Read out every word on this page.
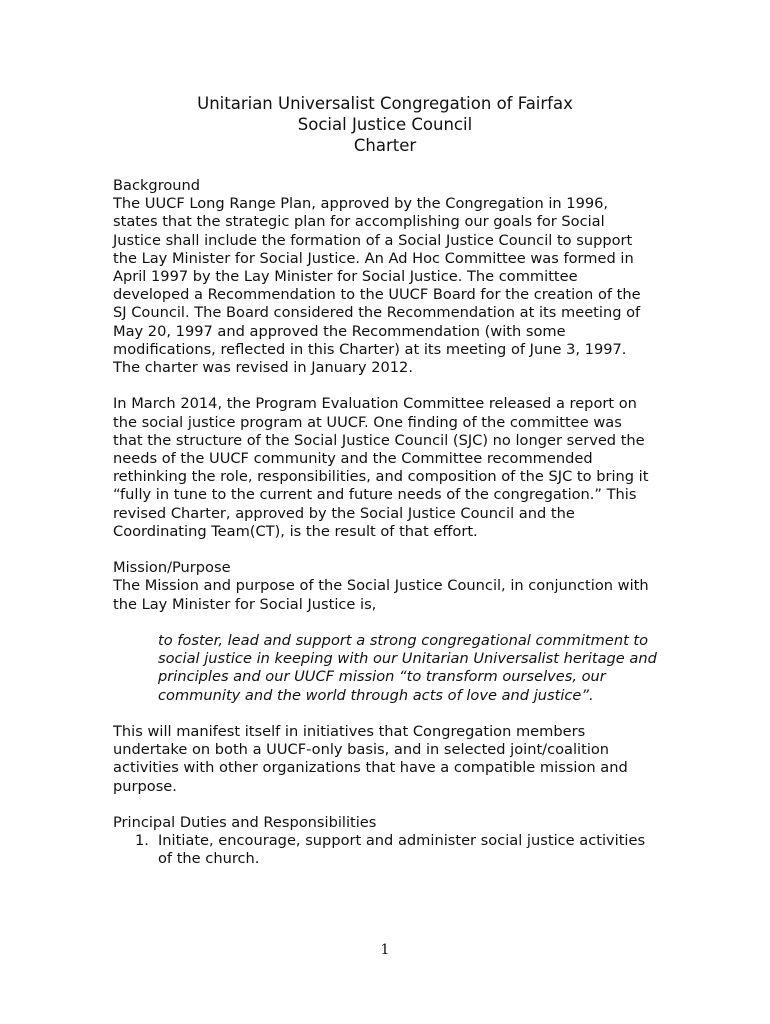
Unitarian Universalist Congregation of Fairfax
Social Justice Council
Charter
Background

The UUCF Long Range Plan, approved by the Congregation in 1996, states that the strategic plan for accomplishing our goals for Social Justice shall include the formation of a Social Justice Council to support the Lay Minister for Social Justice. An Ad Hoc Committee was formed in April 1997 by the Lay Minister for Social Justice. The committee developed a Recommendation to the UUCF Board for the creation of the SJ Council. The Board considered the Recommendation at its meeting of May 20, 1997 and approved the Recommendation (with some modifications, reflected in this Charter) at its meeting of June 3, 1997. The charter was revised in January 2012.

In March 2014, the Program Evaluation Committee released a report on the social justice program at UUCF. One finding of the committee was that the structure of the Social Justice Council (SJC) no longer served the needs of the UUCF community and the Committee recommended rethinking the role, responsibilities, and composition of the SJC to bring it “fully in tune to the current and future needs of the congregation.” This revised Charter, approved by the Social Justice Council and the Coordinating Team(CT), is the result of that effort.

Mission/Purpose

The Mission and purpose of the Social Justice Council, in conjunction with the Lay Minister for Social Justice is,

to foster, lead and support a strong congregational commitment to social justice in keeping with our Unitarian Universalist heritage and principles and our UUCF mission “to transform ourselves, our community and the world through acts of love and justice”.

This will manifest itself in initiatives that Congregation members undertake on both a UUCF-only basis, and in selected joint/coalition activities with other organizations that have a compatible mission and purpose.

Principal Duties and Responsibilities
1. Initiate, encourage, support and administer social justice activities of the church.
1
